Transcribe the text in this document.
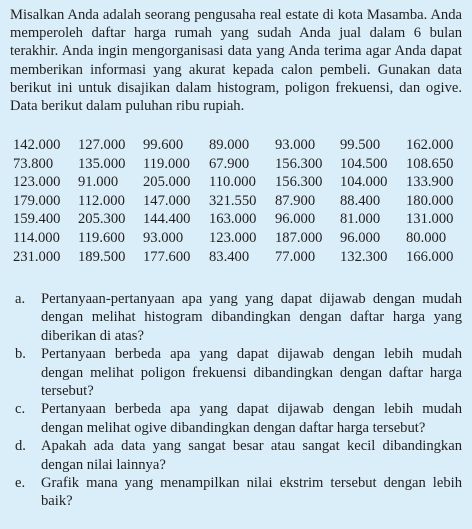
Misalkan Anda adalah seorang pengusaha real estate di kota Masamba. Anda memperoleh daftar harga rumah yang sudah Anda jual dalam 6 bulan terakhir. Anda ingin mengorganisasi data yang Anda terima agar Anda dapat memberikan informasi yang akurat kepada calon pembeli. Gunakan data berikut ini untuk disajikan dalam histogram, poligon frekuensi, dan ogive. Data berikut dalam puluhan ribu rupiah.

142.000	127.000	99.600	89.000	93.000	99.500	162.000
73.800	135.000	119.000	67.900	156.300	104.500	108.650
123.000	91.000	205.000	110.000	156.300	104.000	133.900
179.000	112.000	147.000	321.550	87.900	88.400	180.000
159.400	205.300	144.400	163.000	96.000	81.000	131.000
114.000	119.600	93.000	123.000	187.000	96.000	80.000
231.000	189.500	177.600	83.400	77.000	132.300	166.000
a. Pertanyaan-pertanyaan apa yang yang dapat dijawab dengan mudah dengan melihat histogram dibandingkan dengan daftar harga yang diberikan di atas?
b. Pertanyaan berbeda apa yang dapat dijawab dengan lebih mudah dengan melihat poligon frekuensi dibandingkan dengan daftar harga tersebut?
c. Pertanyaan berbeda apa yang dapat dijawab dengan lebih mudah dengan melihat ogive dibandingkan dengan daftar harga tersebut?
d. Apakah ada data yang sangat besar atau sangat kecil dibandingkan dengan nilai lainnya?
e. Grafik mana yang menampilkan nilai ekstrim tersebut dengan lebih baik?
